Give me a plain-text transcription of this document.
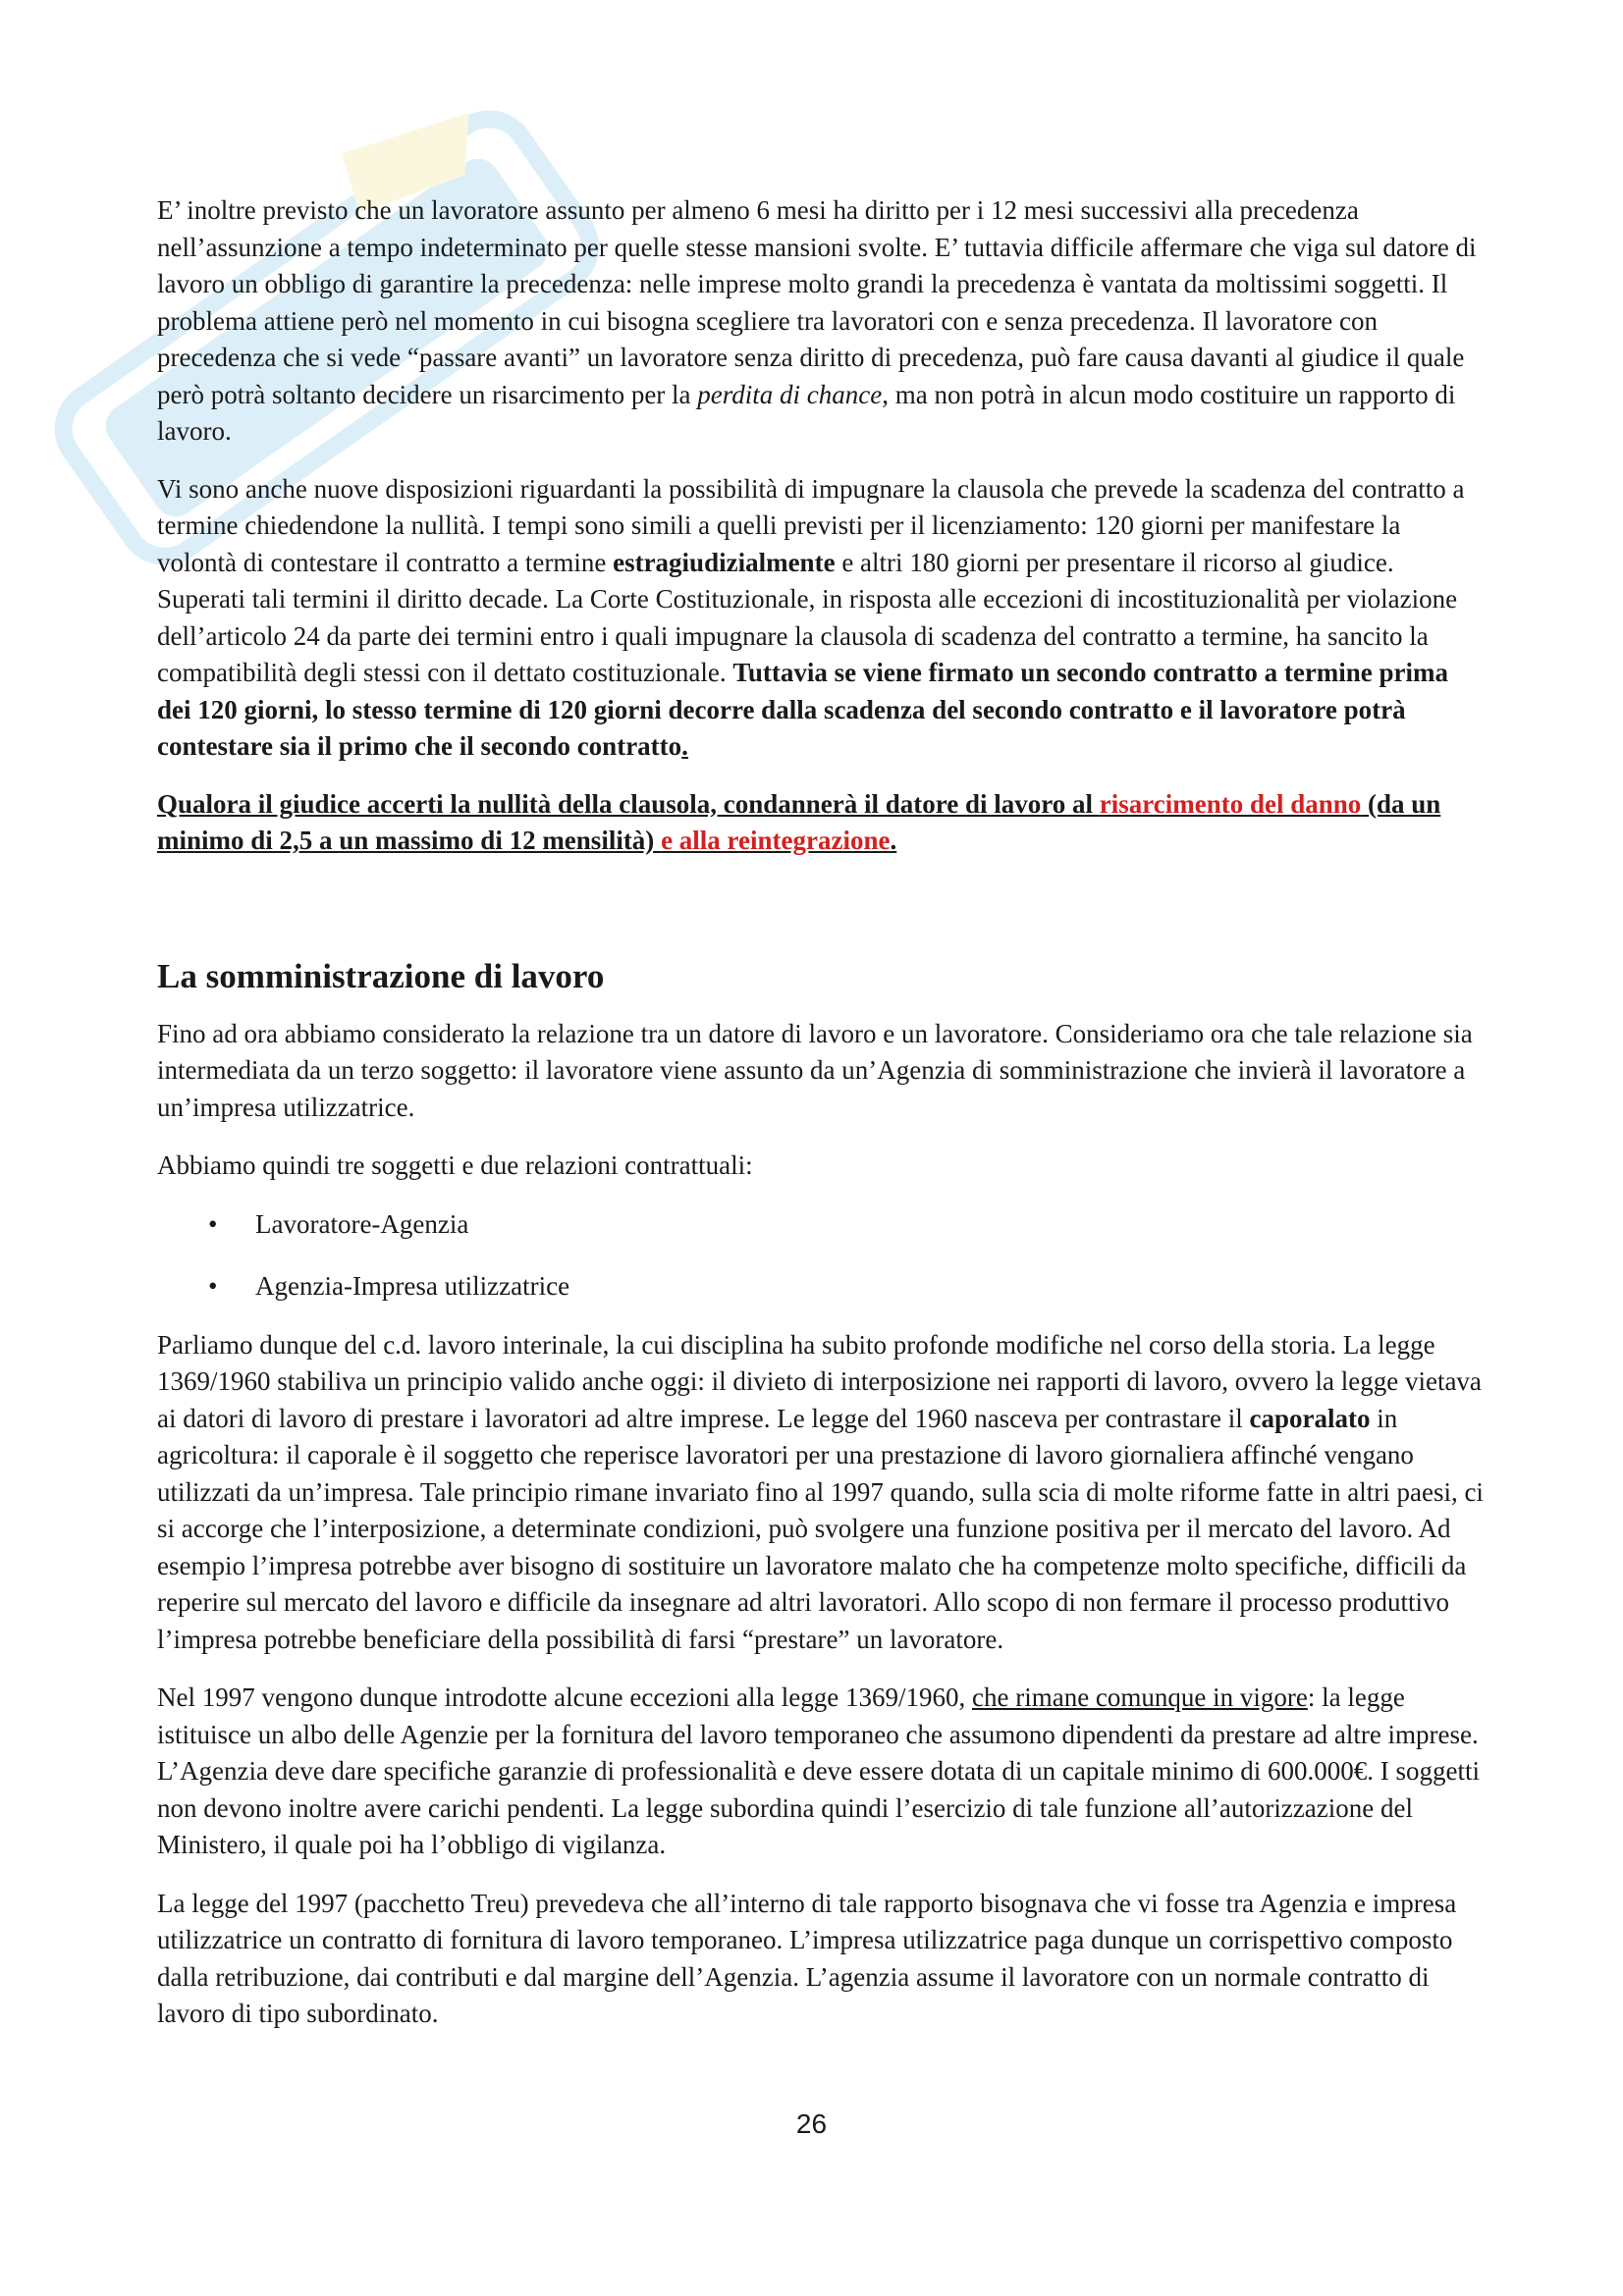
E’ inoltre previsto che un lavoratore assunto per almeno 6 mesi ha diritto per i 12 mesi successivi alla precedenza nell’assunzione a tempo indeterminato per quelle stesse mansioni svolte. E’ tuttavia difficile affermare che viga sul datore di lavoro un obbligo di garantire la precedenza: nelle imprese molto grandi la precedenza è vantata da moltissimi soggetti. Il problema attiene però nel momento in cui bisogna scegliere tra lavoratori con e senza precedenza. Il lavoratore con precedenza che si vede “passare avanti” un lavoratore senza diritto di precedenza, può fare causa davanti al giudice il quale però potrà soltanto decidere un risarcimento per la perdita di chance, ma non potrà in alcun modo costituire un rapporto di lavoro.

Vi sono anche nuove disposizioni riguardanti la possibilità di impugnare la clausola che prevede la scadenza del contratto a termine chiedendone la nullità. I tempi sono simili a quelli previsti per il licenziamento: 120 giorni per manifestare la volontà di contestare il contratto a termine estragiudizialmente e altri 180 giorni per presentare il ricorso al giudice. Superati tali termini il diritto decade. La Corte Costituzionale, in risposta alle eccezioni di incostituzionalità per violazione dell’articolo 24 da parte dei termini entro i quali impugnare la clausola di scadenza del contratto a termine, ha sancito la compatibilità degli stessi con il dettato costituzionale. Tuttavia se viene firmato un secondo contratto a termine prima dei 120 giorni, lo stesso termine di 120 giorni decorre dalla scadenza del secondo contratto e il lavoratore potrà contestare sia il primo che il secondo contratto.

Qualora il giudice accerti la nullità della clausola, condannerà il datore di lavoro al risarcimento del danno (da un minimo di 2,5 a un massimo di 12 mensilità) e alla reintegrazione.

La somministrazione di lavoro

Fino ad ora abbiamo considerato la relazione tra un datore di lavoro e un lavoratore. Consideriamo ora che tale relazione sia intermediata da un terzo soggetto: il lavoratore viene assunto da un’Agenzia di somministrazione che invierà il lavoratore a un’impresa utilizzatrice.

Abbiamo quindi tre soggetti e due relazioni contrattuali:

• Lavoratore-Agenzia
• Agenzia-Impresa utilizzatrice

Parliamo dunque del c.d. lavoro interinale, la cui disciplina ha subito profonde modifiche nel corso della storia. La legge 1369/1960 stabiliva un principio valido anche oggi: il divieto di interposizione nei rapporti di lavoro, ovvero la legge vietava ai datori di lavoro di prestare i lavoratori ad altre imprese. Le legge del 1960 nasceva per contrastare il caporalato in agricoltura: il caporale è il soggetto che reperisce lavoratori per una prestazione di lavoro giornaliera affinché vengano utilizzati da un’impresa. Tale principio rimane invariato fino al 1997 quando, sulla scia di molte riforme fatte in altri paesi, ci si accorge che l’interposizione, a determinate condizioni, può svolgere una funzione positiva per il mercato del lavoro. Ad esempio l’impresa potrebbe aver bisogno di sostituire un lavoratore malato che ha competenze molto specifiche, difficili da reperire sul mercato del lavoro e difficile da insegnare ad altri lavoratori. Allo scopo di non fermare il processo produttivo l’impresa potrebbe beneficiare della possibilità di farsi “prestare” un lavoratore.

Nel 1997 vengono dunque introdotte alcune eccezioni alla legge 1369/1960, che rimane comunque in vigore: la legge istituisce un albo delle Agenzie per la fornitura del lavoro temporaneo che assumono dipendenti da prestare ad altre imprese. L’Agenzia deve dare specifiche garanzie di professionalità e deve essere dotata di un capitale minimo di 600.000€. I soggetti non devono inoltre avere carichi pendenti. La legge subordina quindi l’esercizio di tale funzione all’autorizzazione del Ministero, il quale poi ha l’obbligo di vigilanza.

La legge del 1997 (pacchetto Treu) prevedeva che all’interno di tale rapporto bisognava che vi fosse tra Agenzia e impresa utilizzatrice un contratto di fornitura di lavoro temporaneo. L’impresa utilizzatrice paga dunque un corrispettivo composto dalla retribuzione, dai contributi e dal margine dell’Agenzia. L’agenzia assume il lavoratore con un normale contratto di lavoro di tipo subordinato.

26
